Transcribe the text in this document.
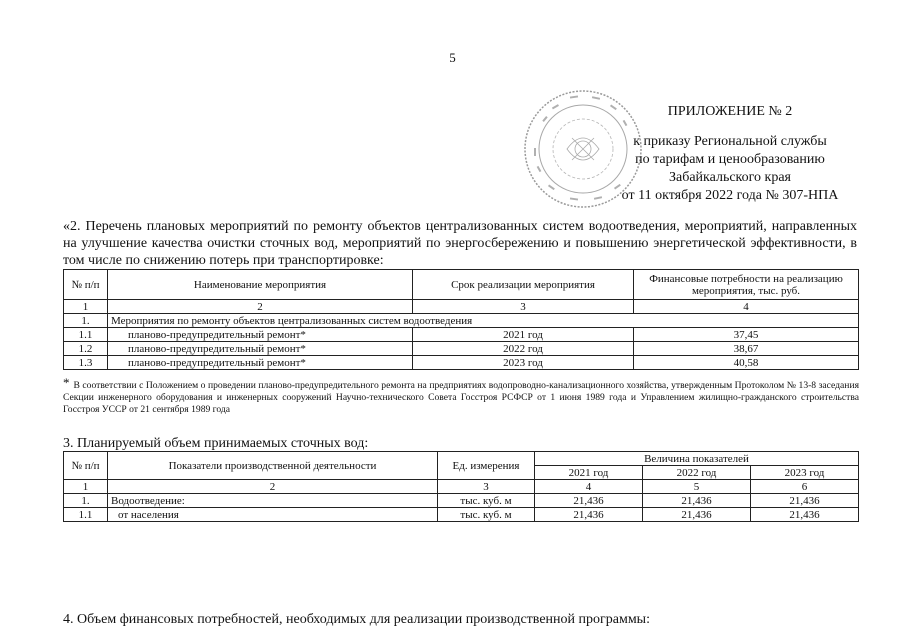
5
ПРИЛОЖЕНИЕ № 2
к приказу Региональной службы
по тарифам и ценообразованию
Забайкальского края
от 11 октября 2022 года № 307-НПА
«2. Перечень плановых мероприятий по ремонту объектов централизованных систем водоотведения, мероприятий, направленных на улучшение качества очистки сточных вод, мероприятий по энергосбережению и повышению энергетической эффективности, в том числе по снижению потерь при транспортировке:
№ п/п	Наименование мероприятия	Срок реализации мероприятия	Финансовые потребности на реализацию мероприятия, тыс. руб.
1	2	3	4
1.	Мероприятия по ремонту объектов централизованных систем водоотведения		
1.1	планово-предупредительный ремонт*	2021 год	37,45
1.2	планово-предупредительный ремонт*	2022 год	38,67
1.3	планово-предупредительный ремонт*	2023 год	40,58
* В соответствии с Положением о проведении планово-предупредительного ремонта на предприятиях водопроводно-канализационного хозяйства, утвержденным Протоколом № 13-8 заседания Секции инженерного оборудования и инженерных сооружений Научно-технического Совета Госстроя РСФСР от 1 июня 1989 года и Управлением жилищно-гражданского строительства Госстроя УССР от 21 сентября 1989 года
3. Планируемый объем принимаемых сточных вод:
№ п/п	Показатели производственной деятельности	Ед. измерения	Величина показателей		
			2021 год	2022 год	2023 год
1	2	3	4	5	6
1.	Водоотведение:	тыс. куб. м	21,436	21,436	21,436
1.1	от населения	тыс. куб. м	21,436	21,436	21,436
4. Объем финансовых потребностей, необходимых для реализации производственной программы:
